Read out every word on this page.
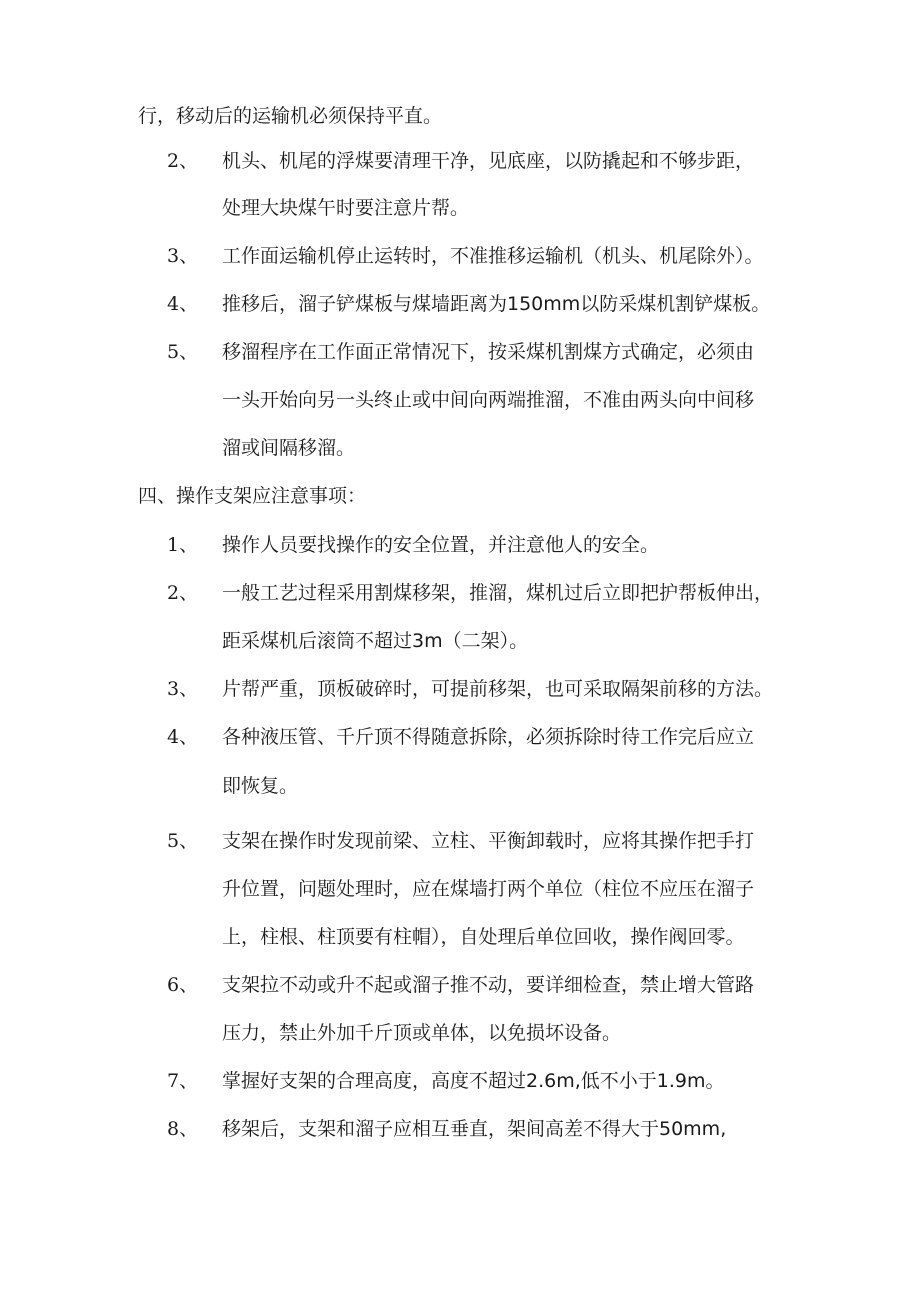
行，移动后的运输机必须保持平直。
2、 机头、机尾的浮煤要清理干净，见底座，以防撬起和不够步距，
处理大块煤午时要注意片帮。
3、 工作面运输机停止运转时，不准推移运输机（机头、机尾除外）。
4、 推移后，溜子铲煤板与煤墙距离为150mm以防采煤机割铲煤板。
5、 移溜程序在工作面正常情况下，按采煤机割煤方式确定，必须由
一头开始向另一头终止或中间向两端推溜，不准由两头向中间移
溜或间隔移溜。
四、操作支架应注意事项：
1、 操作人员要找操作的安全位置，并注意他人的安全。
2、 一般工艺过程采用割煤移架，推溜，煤机过后立即把护帮板伸出，
距采煤机后滚筒不超过3m（二架）。
3、 片帮严重，顶板破碎时，可提前移架，也可采取隔架前移的方法。
4、 各种液压管、千斤顶不得随意拆除，必须拆除时待工作完后应立
即恢复。
5、 支架在操作时发现前梁、立柱、平衡卸载时，应将其操作把手打
升位置，问题处理时，应在煤墙打两个单位（柱位不应压在溜子
上，柱根、柱顶要有柱帽），自处理后单位回收，操作阀回零。
6、 支架拉不动或升不起或溜子推不动，要详细检查，禁止增大管路
压力，禁止外加千斤顶或单体，以免损坏设备。
7、 掌握好支架的合理高度，高度不超过2.6m,低不小于1.9m。
8、 移架后，支架和溜子应相互垂直，架间高差不得大于50mm,
